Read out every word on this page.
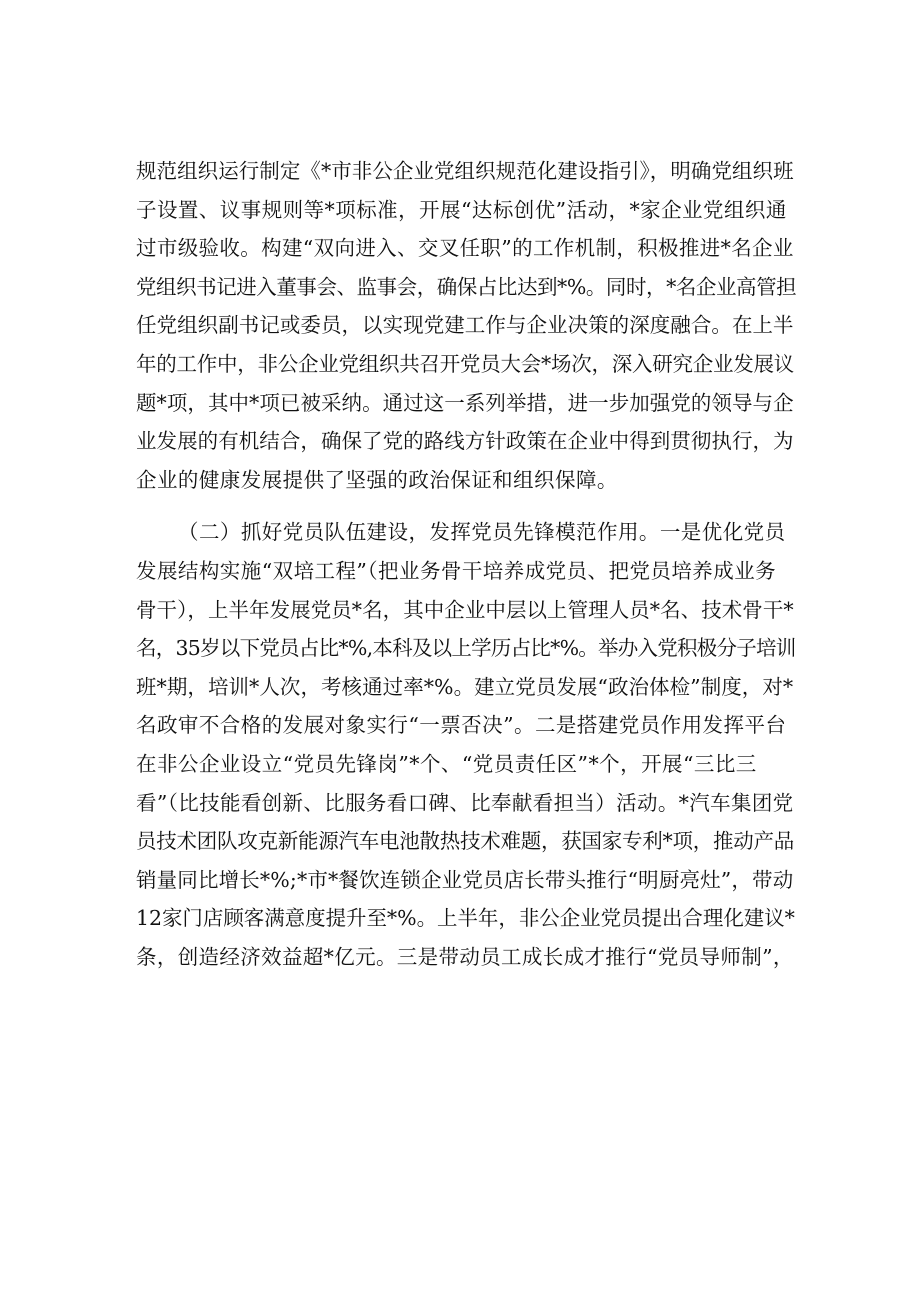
规范组织运行制定《*市非公企业党组织规范化建设指引》，明确党组织班
子设置、议事规则等*项标准，开展“达标创优”活动，*家企业党组织通
过市级验收。构建“双向进入、交叉任职”的工作机制，积极推进*名企业
党组织书记进入董事会、监事会，确保占比达到*%。同时，*名企业高管担
任党组织副书记或委员，以实现党建工作与企业决策的深度融合。在上半
年的工作中，非公企业党组织共召开党员大会*场次，深入研究企业发展议
题*项，其中*项已被采纳。通过这一系列举措，进一步加强党的领导与企
业发展的有机结合，确保了党的路线方针政策在企业中得到贯彻执行，为
企业的健康发展提供了坚强的政治保证和组织保障。
（二）抓好党员队伍建设，发挥党员先锋模范作用。一是优化党员
发展结构实施“双培工程”（把业务骨干培养成党员、把党员培养成业务
骨干），上半年发展党员*名，其中企业中层以上管理人员*名、技术骨干*
名，35岁以下党员占比*%,本科及以上学历占比*%。举办入党积极分子培训
班*期，培训*人次，考核通过率*%。建立党员发展“政治体检”制度，对*
名政审不合格的发展对象实行“一票否决”。二是搭建党员作用发挥平台
在非公企业设立“党员先锋岗”*个、“党员责任区”*个，开展“三比三
看”（比技能看创新、比服务看口碑、比奉献看担当）活动。*汽车集团党
员技术团队攻克新能源汽车电池散热技术难题，获国家专利*项，推动产品
销量同比增长*%;*市*餐饮连锁企业党员店长带头推行“明厨亮灶”，带动
12家门店顾客满意度提升至*%。上半年，非公企业党员提出合理化建议*
条，创造经济效益超*亿元。三是带动员工成长成才推行“党员导师制”，
